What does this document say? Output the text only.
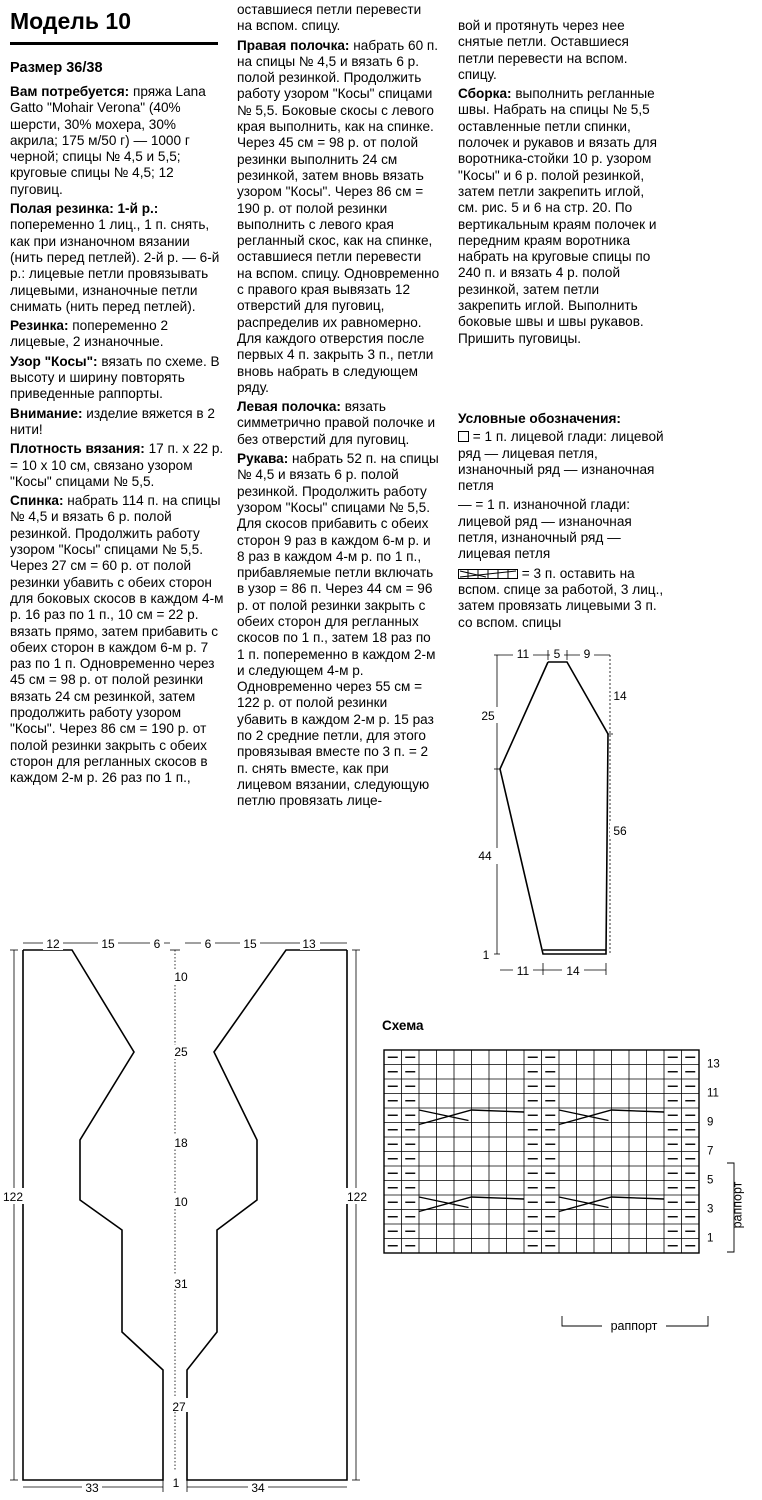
Модель 10
Размер 36/38

Вам потребуется: пряжа Lana Gatto "Mohair Verona" (40% шерсти, 30% мохера, 30% акрила; 175 м/50 г) — 1000 г черной; спицы № 4,5 и 5,5; круговые спицы № 4,5; 12 пуговиц.

Полая резинка: 1-й р.: попеременно 1 лиц., 1 п. снять, как при изнаночном вязании (нить перед петлей). 2-й р. — 6-й р.: лицевые петли провязывать лицевыми, изнаночные петли снимать (нить перед петлей).

Резинка: попеременно 2 лицевые, 2 изнаночные.

Узор "Косы": вязать по схеме. В высоту и ширину повторять приведенные раппорты.

Внимание: изделие вяжется в 2 нити!

Плотность вязания: 17 п. х 22 р. = 10 х 10 см, связано узором "Косы" спицами № 5,5.

Спинка: набрать 114 п. на спицы № 4,5 и вязать 6 р. полой резинкой. Продолжить работу узором "Косы" спицами № 5,5. Через 27 см = 60 р. от полой резинки убавить с обеих сторон для боковых скосов в каждом 4-м р. 16 раз по 1 п., 10 см = 22 р. вязать прямо, затем прибавить с обеих сторон в каждом 6-м р. 7 раз по 1 п. Одновременно через 45 см = 98 р. от полой резинки вязать 24 см резинкой, затем продолжить работу узором "Косы". Через 86 см = 190 р. от полой резинки закрыть с обеих сторон для регланных скосов в каждом 2-м р. 26 раз по 1 п.,

оставшиеся петли перевести на вспом. спицу.

Правая полочка: набрать 60 п. на спицы № 4,5 и вязать 6 р. полой резинкой. Продолжить работу узором "Косы" спицами № 5,5. Боковые скосы с левого края выполнить, как на спинке. Через 45 см = 98 р. от полой резинки выполнить 24 см резинкой, затем вновь вязать узором "Косы". Через 86 см = 190 р. от полой резинки выполнить с левого края регланный скос, как на спинке, оставшиеся петли перевести на вспом. спицу. Одновременно с правого края вывязать 12 отверстий для пуговиц, распределив их равномерно. Для каждого отверстия после первых 4 п. закрыть 3 п., петли вновь набрать в следующем ряду.

Левая полочка: вязать симметрично правой полочке и без отверстий для пуговиц.

Рукава: набрать 52 п. на спицы № 4,5 и вязать 6 р. полой резинкой. Продолжить работу узором "Косы" спицами № 5,5. Для скосов прибавить с обеих сторон 9 раз в каждом 6-м р. и 8 раз в каждом 4-м р. по 1 п., прибавляемые петли включать в узор = 86 п. Через 44 см = 96 р. от полой резинки закрыть с обеих сторон для регланных скосов по 1 п., затем 18 раз по 1 п. попеременно в каждом 2-м и следующем 4-м р. Одновременно через 55 см = 122 р. от полой резинки убавить в каждом 2-м р. 15 раз по 2 средние петли, для этого провязывая вместе по 3 п. = 2 п. снять вместе, как при лицевом вязании, следующую петлю провязать лице-

вой и протянуть через нее снятые петли. Оставшиеся петли перевести на вспом. спицу.

Сборка: выполнить регланные швы. Набрать на спицы № 5,5 оставленные петли спинки, полочек и рукавов и вязать для воротника-стойки 10 р. узором "Косы" и 6 р. полой резинкой, затем петли закрепить иглой, см. рис. 5 и 6 на стр. 20. По вертикальным краям полочек и передним краям воротника набрать на круговые спицы по 240 п. и вязать 4 р. полой резинкой, затем петли закрепить иглой. Выполнить боковые швы и швы рукавов. Пришить пуговицы.

Условные обозначения:

= 1 п. лицевой глади: лицевой ряд — лицевая петля, изнаночный ряд — изнаночная петля

— = 1 п. изнаночной глади: лицевой ряд — изнаночная петля, изнаночный ряд — лицевая петля

= 3 п. оставить на вспом. спице за работой, 3 лиц., затем провязать лицевыми 3 п. со вспом. спицы

11 5 9
14
25
56
44
1
11	14
12	15	6	6	15	13
10
25
18
10
31
27
1
122	122
33	34
Схема
13
11
9
7
5
3
1
раппорт
раппорт
